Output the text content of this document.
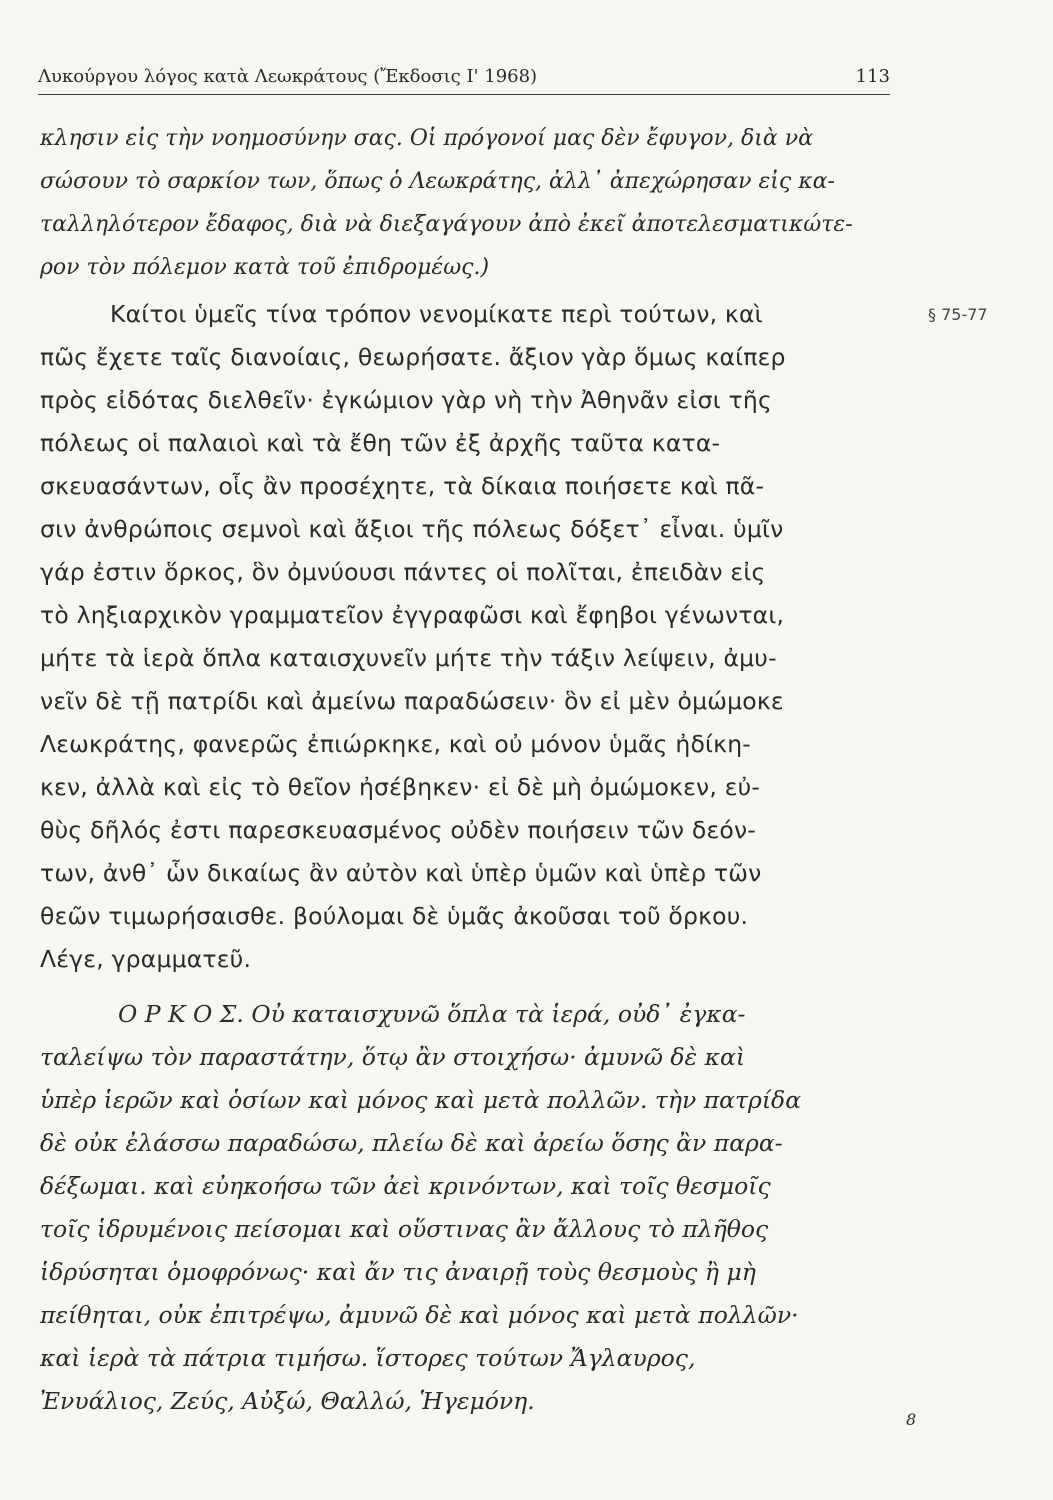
Λυκούργου λόγος κατὰ Λεωκράτους (Ἔκδοσις Ι' 1968)	113
κλησιν εἰς τὴν νοημοσύνην σας. Οἱ πρόγονοί μας δὲν ἔφυγον, διὰ νὰ
σώσουν τὸ σαρκίον των, ὅπως ὁ Λεωκράτης, ἀλλ᾽ ἀπεχώρησαν εἰς κα-
ταλληλότερον ἔδαφος, διὰ νὰ διεξαγάγουν ἀπὸ ἐκεῖ ἀποτελεσματικώτε-
ρον τὸν πόλεμον κατὰ τοῦ ἐπιδρομέως.)
§ 75-77
Καίτοι ὑμεῖς τίνα τρόπον νενομίκατε περὶ τούτων, καὶ
πῶς ἔχετε ταῖς διανοίαις, θεωρήσατε. ἄξιον γὰρ ὅμως καίπερ
πρὸς εἰδότας διελθεῖν· ἐγκώμιον γὰρ νὴ τὴν Ἀθηνᾶν εἰσι τῆς
πόλεως οἱ παλαιοὶ καὶ τὰ ἔθη τῶν ἐξ ἀρχῆς ταῦτα κατα-
σκευασάντων, οἷς ἂν προσέχητε, τὰ δίκαια ποιήσετε καὶ πᾶ-
σιν ἀνθρώποις σεμνοὶ καὶ ἄξιοι τῆς πόλεως δόξετ᾽ εἶναι. ὑμῖν
γάρ ἐστιν ὅρκος, ὃν ὀμνύουσι πάντες οἱ πολῖται, ἐπειδὰν εἰς
τὸ ληξιαρχικὸν γραμματεῖον ἐγγραφῶσι καὶ ἔφηβοι γένωνται,
μήτε τὰ ἱερὰ ὅπλα καταισχυνεῖν μήτε τὴν τάξιν λείψειν, ἀμυ-
νεῖν δὲ τῇ πατρίδι καὶ ἀμείνω παραδώσειν· ὃν εἰ μὲν ὀμώμοκε
Λεωκράτης, φανερῶς ἐπιώρκηκε, καὶ οὐ μόνον ὑμᾶς ἠδίκη-
κεν, ἀλλὰ καὶ εἰς τὸ θεῖον ἠσέβηκεν· εἰ δὲ μὴ ὀμώμοκεν, εὐ-
θὺς δῆλός ἐστι παρεσκευασμένος οὐδὲν ποιήσειν τῶν δεόν-
των, ἀνθ᾽ ὧν δικαίως ἂν αὐτὸν καὶ ὑπὲρ ὑμῶν καὶ ὑπὲρ τῶν
θεῶν τιμωρήσαισθε. βούλομαι δὲ ὑμᾶς ἀκοῦσαι τοῦ ὅρκου.
Λέγε, γραμματεῦ.
Ο Ρ Κ Ο Σ. Οὐ καταισχυνῶ ὅπλα τὰ ἱερά, οὐδ᾽ ἐγκα-
ταλείψω τὸν παραστάτην, ὅτῳ ἂν στοιχήσω· ἀμυνῶ δὲ καὶ
ὑπὲρ ἱερῶν καὶ ὁσίων καὶ μόνος καὶ μετὰ πολλῶν. τὴν πατρίδα
δὲ οὐκ ἐλάσσω παραδώσω, πλείω δὲ καὶ ἀρείω ὅσης ἂν παρα-
δέξωμαι. καὶ εὐηκοήσω τῶν ἀεὶ κρινόντων, καὶ τοῖς θεσμοῖς
τοῖς ἱδρυμένοις πείσομαι καὶ οὕστινας ἂν ἄλλους τὸ πλῆθος
ἱδρύσηται ὁμοφρόνως· καὶ ἄν τις ἀναιρῇ τοὺς θεσμοὺς ἢ μὴ
πείθηται, οὐκ ἐπιτρέψω, ἀμυνῶ δὲ καὶ μόνος καὶ μετὰ πολλῶν·
καὶ ἱερὰ τὰ πάτρια τιμήσω. ἵστορες τούτων Ἄγλαυρος,
Ἐνυάλιος, Ζεύς, Αὐξώ, Θαλλώ, Ἡγεμόνη.
8
